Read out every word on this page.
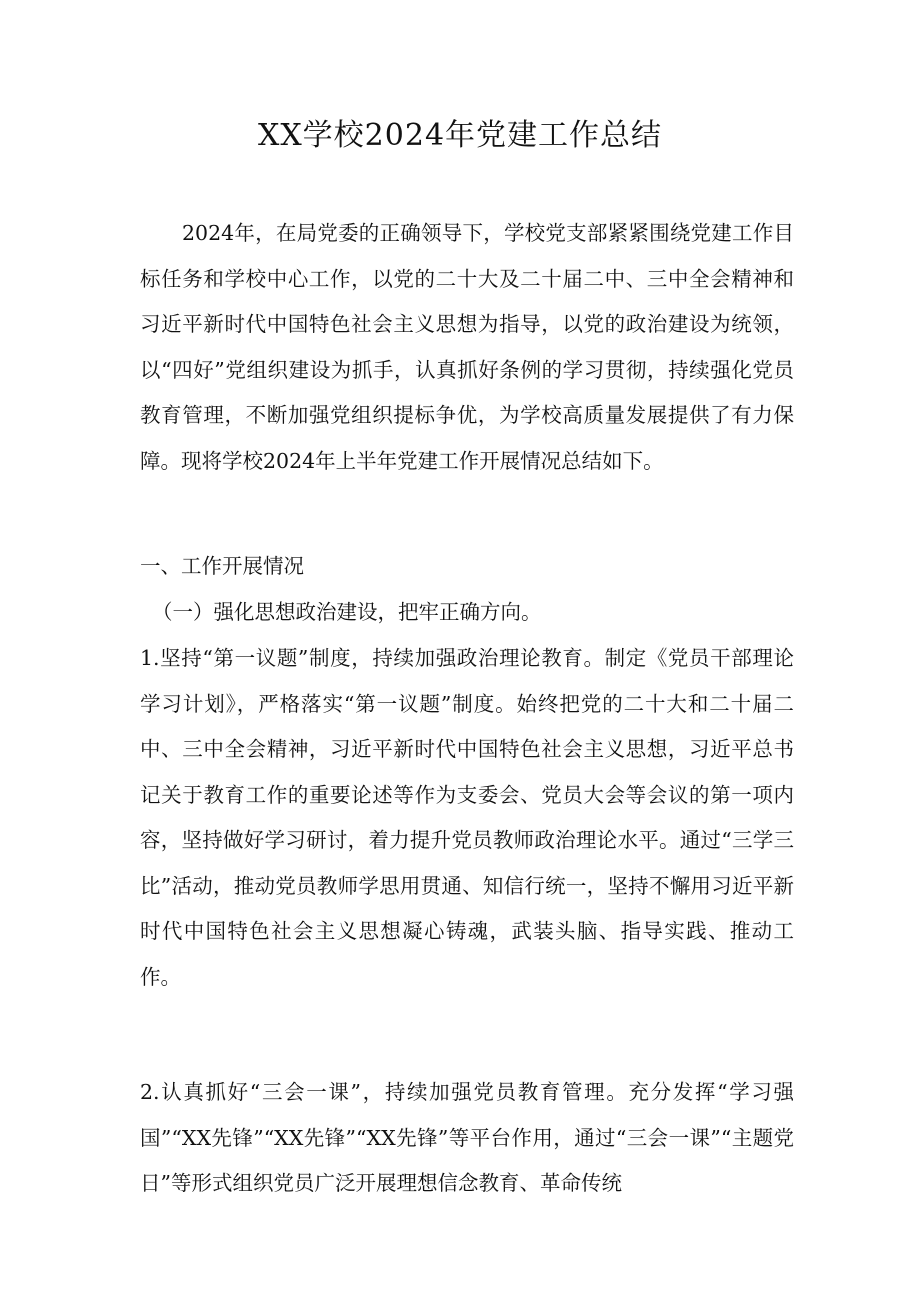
XX学校2024年党建工作总结
2024年，在局党委的正确领导下，学校党支部紧紧围绕党建工作目标任务和学校中心工作，以党的二十大及二十届二中、三中全会精神和习近平新时代中国特色社会主义思想为指导，以党的政治建设为统领，以“四好”党组织建设为抓手，认真抓好条例的学习贯彻，持续强化党员教育管理，不断加强党组织提标争优，为学校高质量发展提供了有力保障。现将学校2024年上半年党建工作开展情况总结如下。
一、工作开展情况
（一）强化思想政治建设，把牢正确方向。
1.坚持“第一议题”制度，持续加强政治理论教育。制定《党员干部理论学习计划》，严格落实“第一议题”制度。始终把党的二十大和二十届二中、三中全会精神，习近平新时代中国特色社会主义思想，习近平总书记关于教育工作的重要论述等作为支委会、党员大会等会议的第一项内容，坚持做好学习研讨，着力提升党员教师政治理论水平。通过“三学三比”活动，推动党员教师学思用贯通、知信行统一，坚持不懈用习近平新时代中国特色社会主义思想凝心铸魂，武装头脑、指导实践、推动工作。
2.认真抓好“三会一课”，持续加强党员教育管理。充分发挥“学习强国”“XX先锋”“XX先锋”“XX先锋”等平台作用，通过“三会一课”“主题党日”等形式组织党员广泛开展理想信念教育、革命传统
